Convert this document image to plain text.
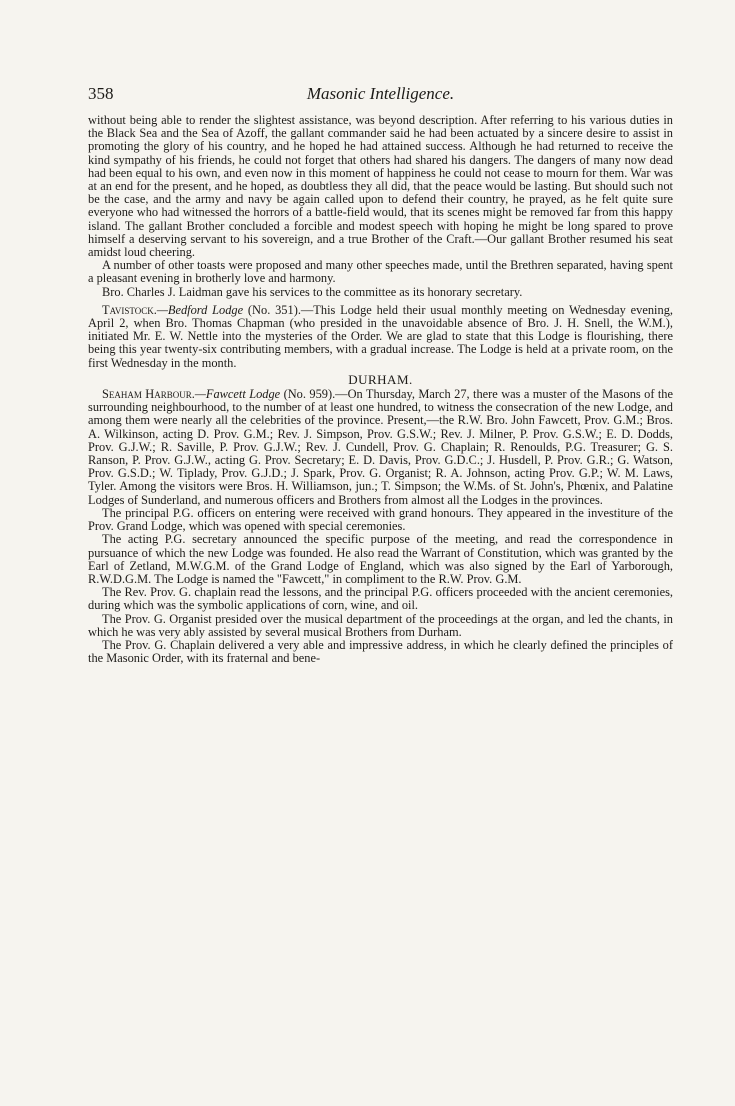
358	Masonic Intelligence.

without being able to render the slightest assistance, was beyond description. After referring to his various duties in the Black Sea and the Sea of Azoff, the gallant commander said he had been actuated by a sincere desire to assist in promoting the glory of his country, and he hoped he had attained success. Although he had returned to receive the kind sympathy of his friends, he could not forget that others had shared his dangers. The dangers of many now dead had been equal to his own, and even now in this moment of happiness he could not cease to mourn for them. War was at an end for the present, and he hoped, as doubtless they all did, that the peace would be lasting. But should such not be the case, and the army and navy be again called upon to defend their country, he prayed, as he felt quite sure everyone who had witnessed the horrors of a battle-field would, that its scenes might be removed far from this happy island. The gallant Brother concluded a forcible and modest speech with hoping he might be long spared to prove himself a deserving servant to his sovereign, and a true Brother of the Craft.—Our gallant Brother resumed his seat amidst loud cheering.

A number of other toasts were proposed and many other speeches made, until the Brethren separated, having spent a pleasant evening in brotherly love and harmony.

Bro. Charles J. Laidman gave his services to the committee as its honorary secretary.

Tavistock.—Bedford Lodge (No. 351).—This Lodge held their usual monthly meeting on Wednesday evening, April 2, when Bro. Thomas Chapman (who presided in the unavoidable absence of Bro. J. H. Snell, the W.M.), initiated Mr. E. W. Nettle into the mysteries of the Order. We are glad to state that this Lodge is flourishing, there being this year twenty-six contributing members, with a gradual increase. The Lodge is held at a private room, on the first Wednesday in the month.

DURHAM.

Seaham Harbour.—Fawcett Lodge (No. 959).—On Thursday, March 27, there was a muster of the Masons of the surrounding neighbourhood, to the number of at least one hundred, to witness the consecration of the new Lodge, and among them were nearly all the celebrities of the province. Present,—the R.W. Bro. John Fawcett, Prov. G.M.; Bros. A. Wilkinson, acting D. Prov. G.M.; Rev. J. Simpson, Prov. G.S.W.; Rev. J. Milner, P. Prov. G.S.W.; E. D. Dodds, Prov. G.J.W.; R. Saville, P. Prov. G.J.W.; Rev. J. Cundell, Prov. G. Chaplain; R. Renoulds, P.G. Treasurer; G. S. Ranson, P. Prov. G.J.W., acting G. Prov. Secretary; E. D. Davis, Prov. G.D.C.; J. Husdell, P. Prov. G.R.; G. Watson, Prov. G.S.D.; W. Tiplady, Prov. G.J.D.; J. Spark, Prov. G. Organist; R. A. Johnson, acting Prov. G.P.; W. M. Laws, Tyler. Among the visitors were Bros. H. Williamson, jun.; T. Simpson; the W.Ms. of St. John's, Phœnix, and Palatine Lodges of Sunderland, and numerous officers and Brothers from almost all the Lodges in the provinces.

The principal P.G. officers on entering were received with grand honours. They appeared in the investiture of the Prov. Grand Lodge, which was opened with special ceremonies.

The acting P.G. secretary announced the specific purpose of the meeting, and read the correspondence in pursuance of which the new Lodge was founded. He also read the Warrant of Constitution, which was granted by the Earl of Zetland, M.W.G.M. of the Grand Lodge of England, which was also signed by the Earl of Yarborough, R.W.D.G.M. The Lodge is named the "Fawcett," in compliment to the R.W. Prov. G.M.

The Rev. Prov. G. chaplain read the lessons, and the principal P.G. officers proceeded with the ancient ceremonies, during which was the symbolic applications of corn, wine, and oil.

The Prov. G. Organist presided over the musical department of the proceedings at the organ, and led the chants, in which he was very ably assisted by several musical Brothers from Durham.

The Prov. G. Chaplain delivered a very able and impressive address, in which he clearly defined the principles of the Masonic Order, with its fraternal and bene-
